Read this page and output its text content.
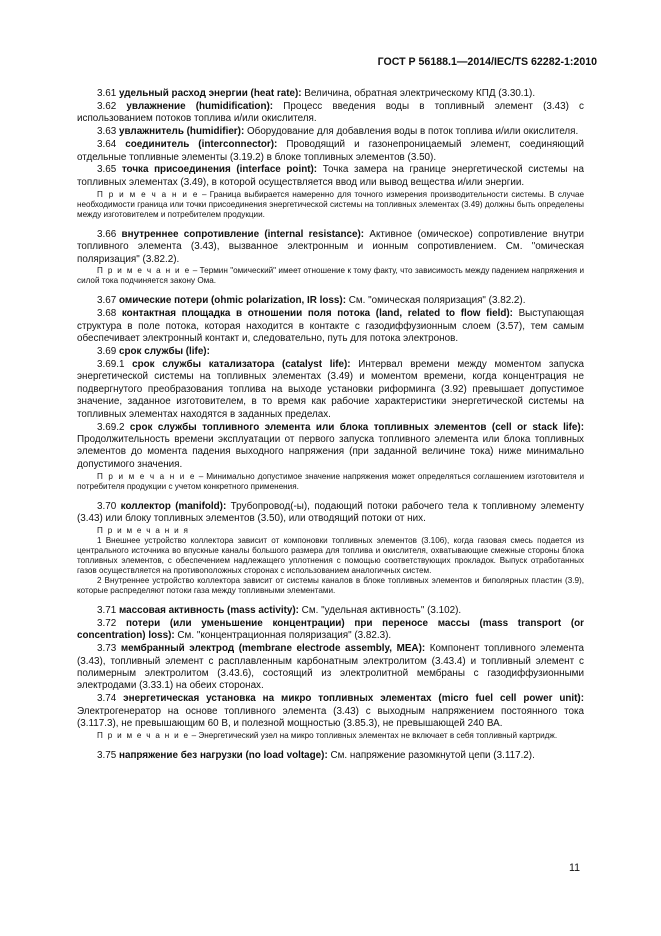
ГОСТ Р 56188.1—2014/IEC/TS 62282-1:2010

3.61 удельный расход энергии (heat rate): Величина, обратная электрическому КПД (3.30.1).

3.62 увлажнение (humidification): Процесс введения воды в топливный элемент (3.43) с использованием потоков топлива и/или окислителя.

3.63 увлажнитель (humidifier): Оборудование для добавления воды в поток топлива и/или окислителя.

3.64 соединитель (interconnector): Проводящий и газонепроницаемый элемент, соединяющий отдельные топливные элементы (3.19.2) в блоке топливных элементов (3.50).

3.65 точка присоединения (interface point): Точка замера на границе энергетической системы на топливных элементах (3.49), в которой осуществляется ввод или вывод вещества и/или энергии.

П р и м е ч а н и е – Граница выбирается намеренно для точного измерения производительности системы. В случае необходимости граница или точки присоединения энергетической системы на топливных элементах (3.49) должны быть определены между изготовителем и потребителем продукции.

3.66 внутреннее сопротивление (internal resistance): Активное (омическое) сопротивление внутри топливного элемента (3.43), вызванное электронным и ионным сопротивлением. См. "омическая поляризация" (3.82.2).

П р и м е ч а н и е – Термин "омический" имеет отношение к тому факту, что зависимость между падением напряжения и силой тока подчиняется закону Ома.

3.67 омические потери (ohmic polarization, IR loss): См. "омическая поляризация" (3.82.2).

3.68 контактная площадка в отношении поля потока (land, related to flow field): Выступающая структура в поле потока, которая находится в контакте с газодиффузионным слоем (3.57), тем самым обеспечивает электронный контакт и, следовательно, путь для потока электронов.

3.69 срок службы (life):

3.69.1 срок службы катализатора (catalyst life): Интервал времени между моментом запуска энергетической системы на топливных элементах (3.49) и моментом времени, когда концентрация не подвергнутого преобразования топлива на выходе установки риформинга (3.92) превышает допустимое значение, заданное изготовителем, в то время как рабочие характеристики энергетической системы на топливных элементах находятся в заданных пределах.

3.69.2 срок службы топливного элемента или блока топливных элементов (cell or stack life): Продолжительность времени эксплуатации от первого запуска топливного элемента или блока топливных элементов до момента падения выходного напряжения (при заданной величине тока) ниже минимально допустимого значения.

П р и м е ч а н и е – Минимально допустимое значение напряжения может определяться соглашением изготовителя и потребителя продукции с учетом конкретного применения.

3.70 коллектор (manifold): Трубопровод(-ы), подающий потоки рабочего тела к топливному элементу (3.43) или блоку топливных элементов (3.50), или отводящий потоки от них.

П р и м е ч а н и я

1 Внешнее устройство коллектора зависит от компоновки топливных элементов (3.106), когда газовая смесь подается из центрального источника во впускные каналы большого размера для топлива и окислителя, охватывающие смежные стороны блока топливных элементов, с обеспечением надлежащего уплотнения с помощью соответствующих прокладок. Выпуск отработанных газов осуществляется на противоположных сторонах с использованием аналогичных систем.

2 Внутреннее устройство коллектора зависит от системы каналов в блоке топливных элементов и биполярных пластин (3.9), которые распределяют потоки газа между топливными элементами.

3.71 массовая активность (mass activity): См. "удельная активность" (3.102).

3.72 потери (или уменьшение концентрации) при переносе массы (mass transport (or concentration) loss): См. "концентрационная поляризация" (3.82.3).

3.73 мембранный электрод (membrane electrode assembly, MEA): Компонент топливного элемента (3.43), топливный элемент с расплавленным карбонатным электролитом (3.43.4) и топливный элемент с полимерным электролитом (3.43.6), состоящий из электролитной мембраны с газодиффузионными электродами (3.33.1) на обеих сторонах.

3.74 энергетическая установка на микро топливных элементах (micro fuel cell power unit): Электрогенератор на основе топливного элемента (3.43) с выходным напряжением постоянного тока (3.117.3), не превышающим 60 В, и полезной мощностью (3.85.3), не превышающей 240 ВА.

П р и м е ч а н и е – Энергетический узел на микро топливных элементах не включает в себя топливный картридж.

3.75 напряжение без нагрузки (no load voltage): См. напряжение разомкнутой цепи (3.117.2).

11
